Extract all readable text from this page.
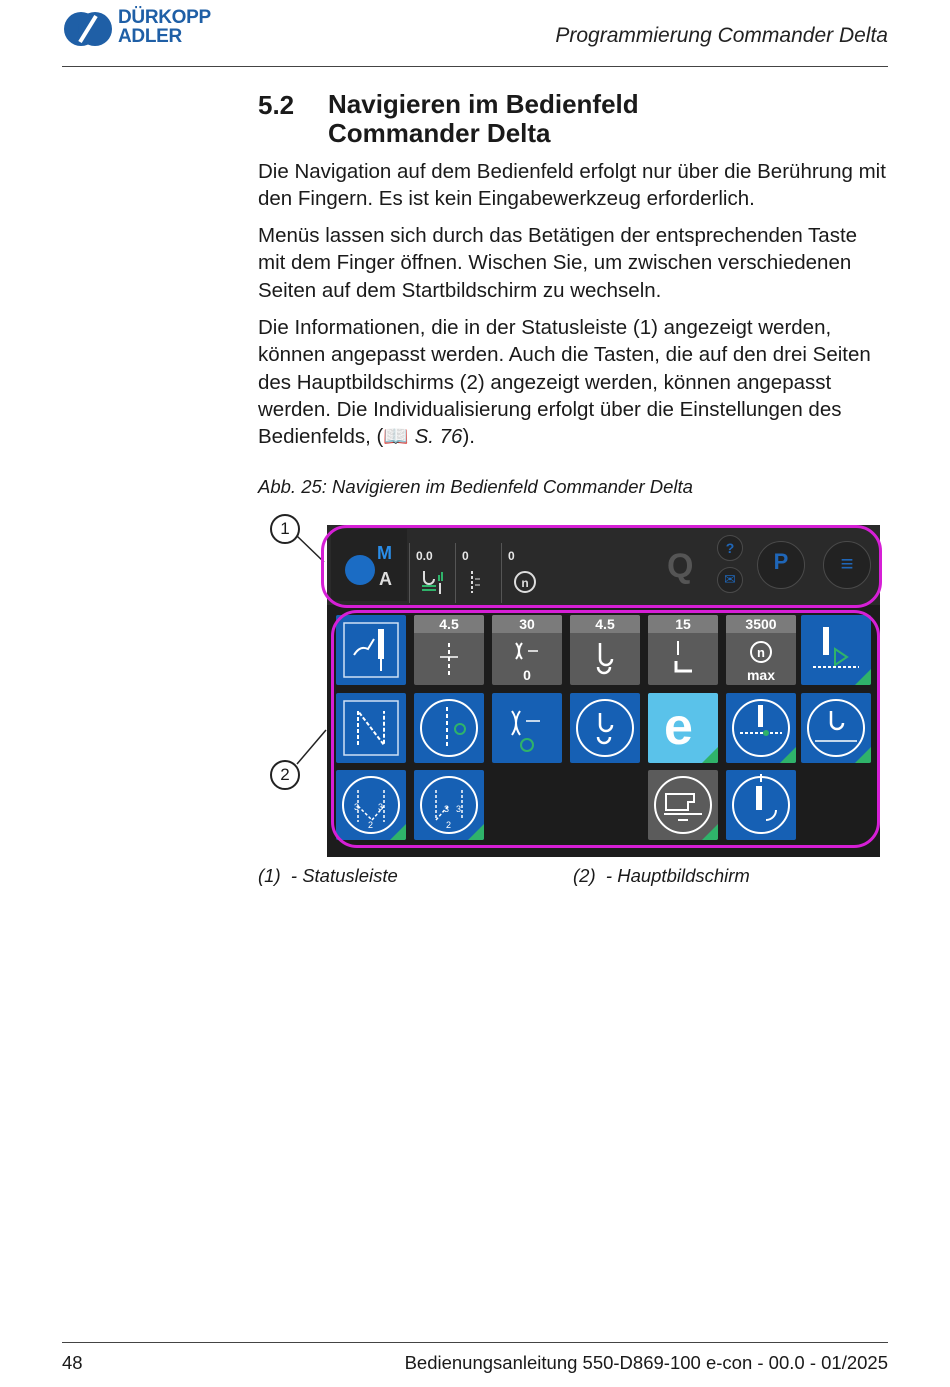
DÜRKOPP
ADLER	Programmierung Commander Delta
5.2 Navigieren im Bedienfeld Commander Delta
Die Navigation auf dem Bedienfeld erfolgt nur über die Berührung mit den Fingern. Es ist kein Eingabewerkzeug erforderlich.
Menüs lassen sich durch das Betätigen der entsprechenden Taste mit dem Finger öffnen. Wischen Sie, um zwischen verschiedenen Seiten auf dem Startbildschirm zu wechseln.
Die Informationen, die in der Statusleiste (1) angezeigt werden, können angepasst werden. Auch die Tasten, die auf den drei Seiten des Hauptbildschirms (2) angezeigt werden, können angepasst werden. Die Individualisierung erfolgt über die Einstellungen des Bedienfelds, (📖 S. 76).
Abb. 25: Navigieren im Bedienfeld Commander Delta
1
2
M
A
0.0 0	0
n	Q	?
✉
P	≡
4.5	30
0
4.5	15	3500
n
max
e
3 3
2
3 3
2
(1) - Statusleiste	(2) - Hauptbildschirm
48	Bedienungsanleitung 550-D869-100 e-con - 00.0 - 01/2025
